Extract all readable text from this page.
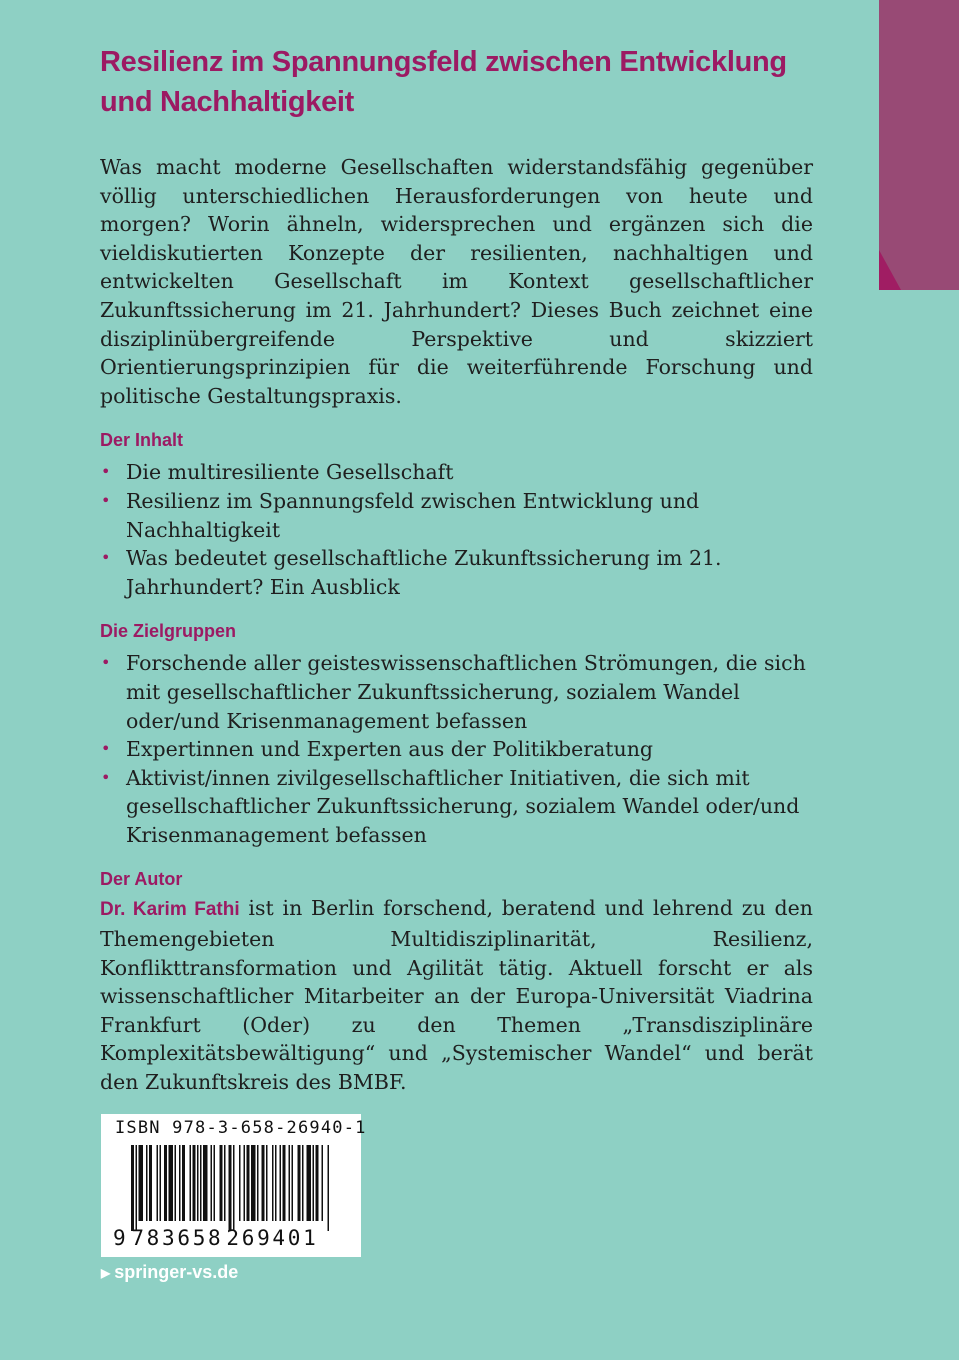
Resilienz im Spannungsfeld zwischen Entwicklung
und Nachhaltigkeit

Was macht moderne Gesellschaften widerstandsfähig gegenüber völlig unterschiedlichen Herausforderungen von heute und morgen? Worin ähneln, widersprechen und ergänzen sich die vieldiskutierten Konzepte der resilienten, nachhaltigen und entwickelten Gesellschaft im Kontext gesellschaftlicher Zukunftssicherung im 21. Jahrhundert? Dieses Buch zeichnet eine disziplinübergreifende Perspektive und skizziert Orientierungsprinzipien für die weiterführende Forschung und politische Gestaltungspraxis.

Der Inhalt
• Die multiresiliente Gesellschaft
• Resilienz im Spannungsfeld zwischen Entwicklung und Nachhaltigkeit
• Was bedeutet gesellschaftliche Zukunftssicherung im 21. Jahrhundert? Ein Ausblick
Die Zielgruppen
• Forschende aller geisteswissenschaftlichen Strömungen, die sich mit gesellschaftlicher Zukunftssicherung, sozialem Wandel oder/und Krisenmanagement befassen
• Expertinnen und Experten aus der Politikberatung
• Aktivist/innen zivilgesellschaftlicher Initiativen, die sich mit gesellschaftlicher Zukunftssicherung, sozialem Wandel oder/und Krisenmanagement befassen
Der Autor

Dr. Karim Fathi ist in Berlin forschend, beratend und lehrend zu den Themengebieten Multidisziplinarität, Resilienz, Konflikttransformation und Agilität tätig. Aktuell forscht er als wissenschaftlicher Mitarbeiter an der Europa-Universität Viadrina Frankfurt (Oder) zu den Themen „Transdisziplinäre Komplexitätsbewältigung“ und „Systemischer Wandel“ und berät den Zukunftskreis des BMBF.

ISBN 978-3-658-26940-1
9 783658 269401
▶ springer-vs.de
